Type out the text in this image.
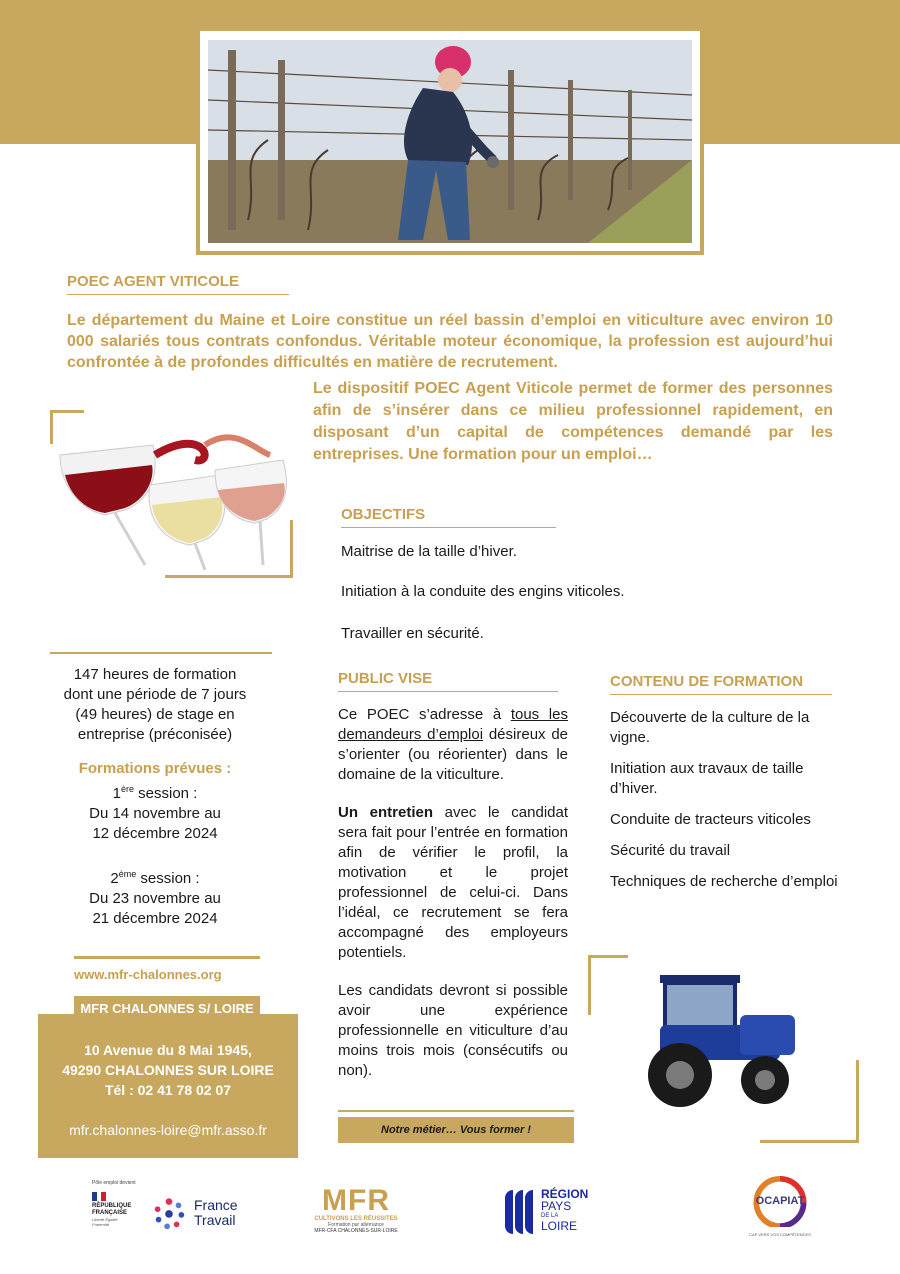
POEC AGENT VITICOLE
Le département du Maine et Loire constitue un réel bassin d’emploi en viticulture avec environ 10 000 salariés tous contrats confondus. Véritable moteur économique, la profession est aujourd’hui confrontée à de profondes difficultés en matière de recrutement.
Le dispositif POEC Agent Viticole permet de former des personnes afin de s’insérer dans ce milieu professionnel rapidement, en disposant d’un capital de compétences demandé par les entreprises. Une formation pour un emploi…
OBJECTIFS
Maitrise de la taille d’hiver.
Initiation à la conduite des engins viticoles.
Travailler en sécurité.
147 heures de formation
dont une période de 7 jours
(49 heures) de stage en
entreprise (préconisée)
Formations prévues :
1ère session :
Du 14 novembre au
12 décembre 2024
2ème session :
Du 23 novembre au
21 décembre 2024
www.mfr-chalonnes.org
10 Avenue du 8 Mai 1945,
49290 CHALONNES SUR LOIRE
Tél : 02 41 78 02 07
mfr.chalonnes-loire@mfr.asso.fr
MFR CHALONNES S/ LOIRE
PUBLIC VISE

Ce POEC s’adresse à tous les demandeurs d’emploi désireux de s’orienter (ou réorienter) dans le domaine de la viticulture.

Un entretien avec le candidat sera fait pour l’entrée en formation afin de vérifier le profil, la motivation et le projet professionnel de celui-ci. Dans l’idéal, ce recrutement se fera accompagné des employeurs potentiels.

Les candidats devront si possible avoir une expérience professionnelle en viticulture d’au moins trois mois (consécutifs ou non).

Notre métier… Vous former !
CONTENU DE FORMATION

Découverte de la culture de la vigne.

Initiation aux travaux de taille d’hiver.

Conduite de tracteurs viticoles

Sécurité du travail

Techniques de recherche d’emploi

Pôle emploi devient
RÉPUBLIQUE FRANÇAISE
Liberté Égalité Fraternité
France
Travail
MFR
CULTIVONS LES RÉUSSITES
Formation par alternance
MFR-CFA CHALONNES-SUR-LOIRE
RÉGION
PAYS
DE LA
LOIRE
OCAPIAT
CAP VERS VOS COMPÉTENCES
